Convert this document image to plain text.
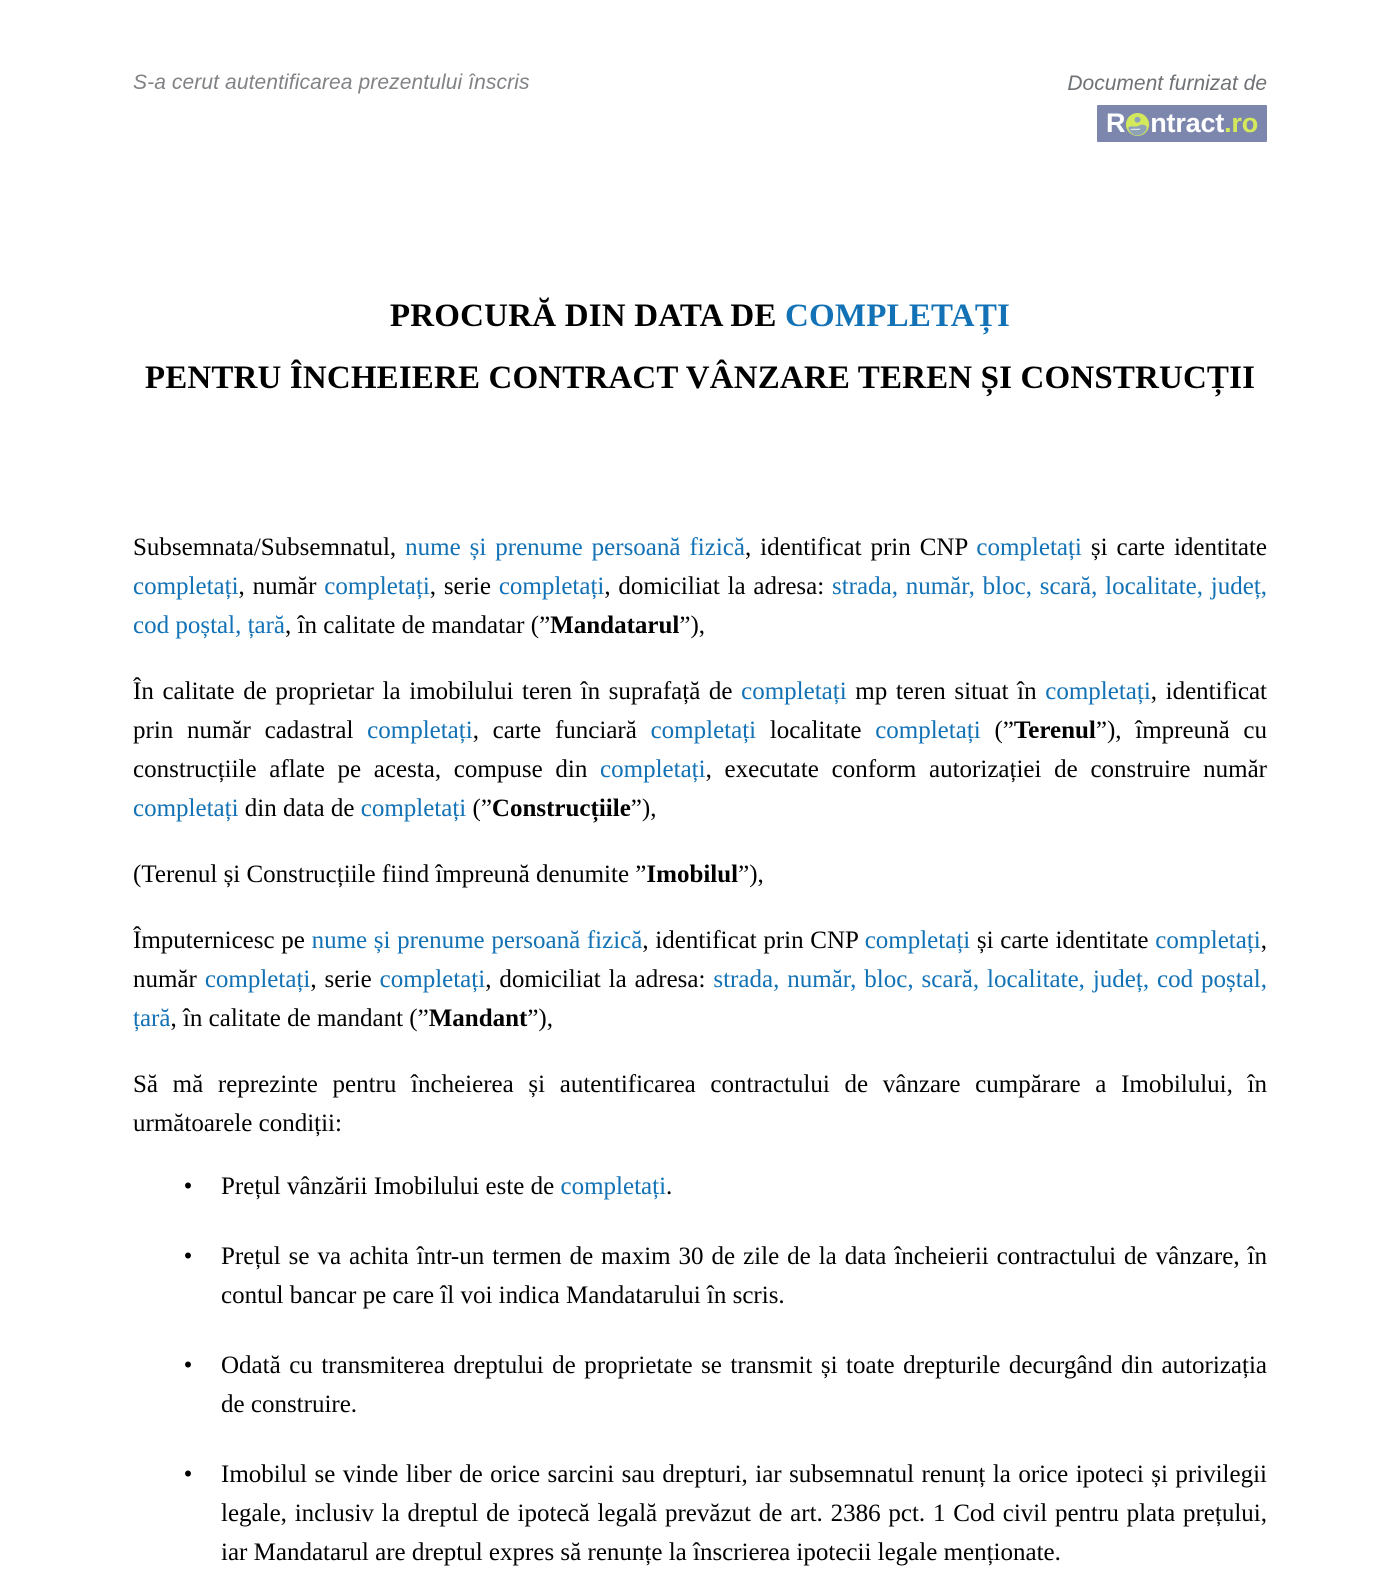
S-a cerut autentificarea prezentului înscris	Document furnizat de
R ntract .ro
PROCURĂ DIN DATA DE COMPLETAȚI
PENTRU ÎNCHEIERE CONTRACT VÂNZARE TEREN ȘI CONSTRUCȚII

Subsemnata/Subsemnatul, nume și prenume persoană fizică, identificat prin CNP completați și carte identitate completați, număr completați, serie completați, domiciliat la adresa: strada, număr, bloc, scară, localitate, județ, cod poștal, țară, în calitate de mandatar (”Mandatarul”),

În calitate de proprietar la imobilului teren în suprafață de completați mp teren situat în completați, identificat prin număr cadastral completați, carte funciară completați localitate completați (”Terenul”), împreună cu construcțiile aflate pe acesta, compuse din completați, executate conform autorizației de construire număr completați din data de completați (”Construcțiile”),

(Terenul și Construcțiile fiind împreună denumite ”Imobilul”),

Împuternicesc pe nume și prenume persoană fizică, identificat prin CNP completați și carte identitate completați, număr completați, serie completați, domiciliat la adresa: strada, număr, bloc, scară, localitate, județ, cod poștal, țară, în calitate de mandant (”Mandant”),

Să mă reprezinte pentru încheierea și autentificarea contractului de vânzare cumpărare a Imobilului, în următoarele condiții:

• Prețul vânzării Imobilului este de completați.
• Prețul se va achita într-un termen de maxim 30 de zile de la data încheierii contractului de vânzare, în contul bancar pe care îl voi indica Mandatarului în scris.
• Odată cu transmiterea dreptului de proprietate se transmit și toate drepturile decurgând din autorizația de construire.
• Imobilul se vinde liber de orice sarcini sau drepturi, iar subsemnatul renunț la orice ipoteci și privilegii legale, inclusiv la dreptul de ipotecă legală prevăzut de art. 2386 pct. 1 Cod civil pentru plata prețului, iar Mandatarul are dreptul expres să renunțe la înscrierea ipotecii legale menționate.
